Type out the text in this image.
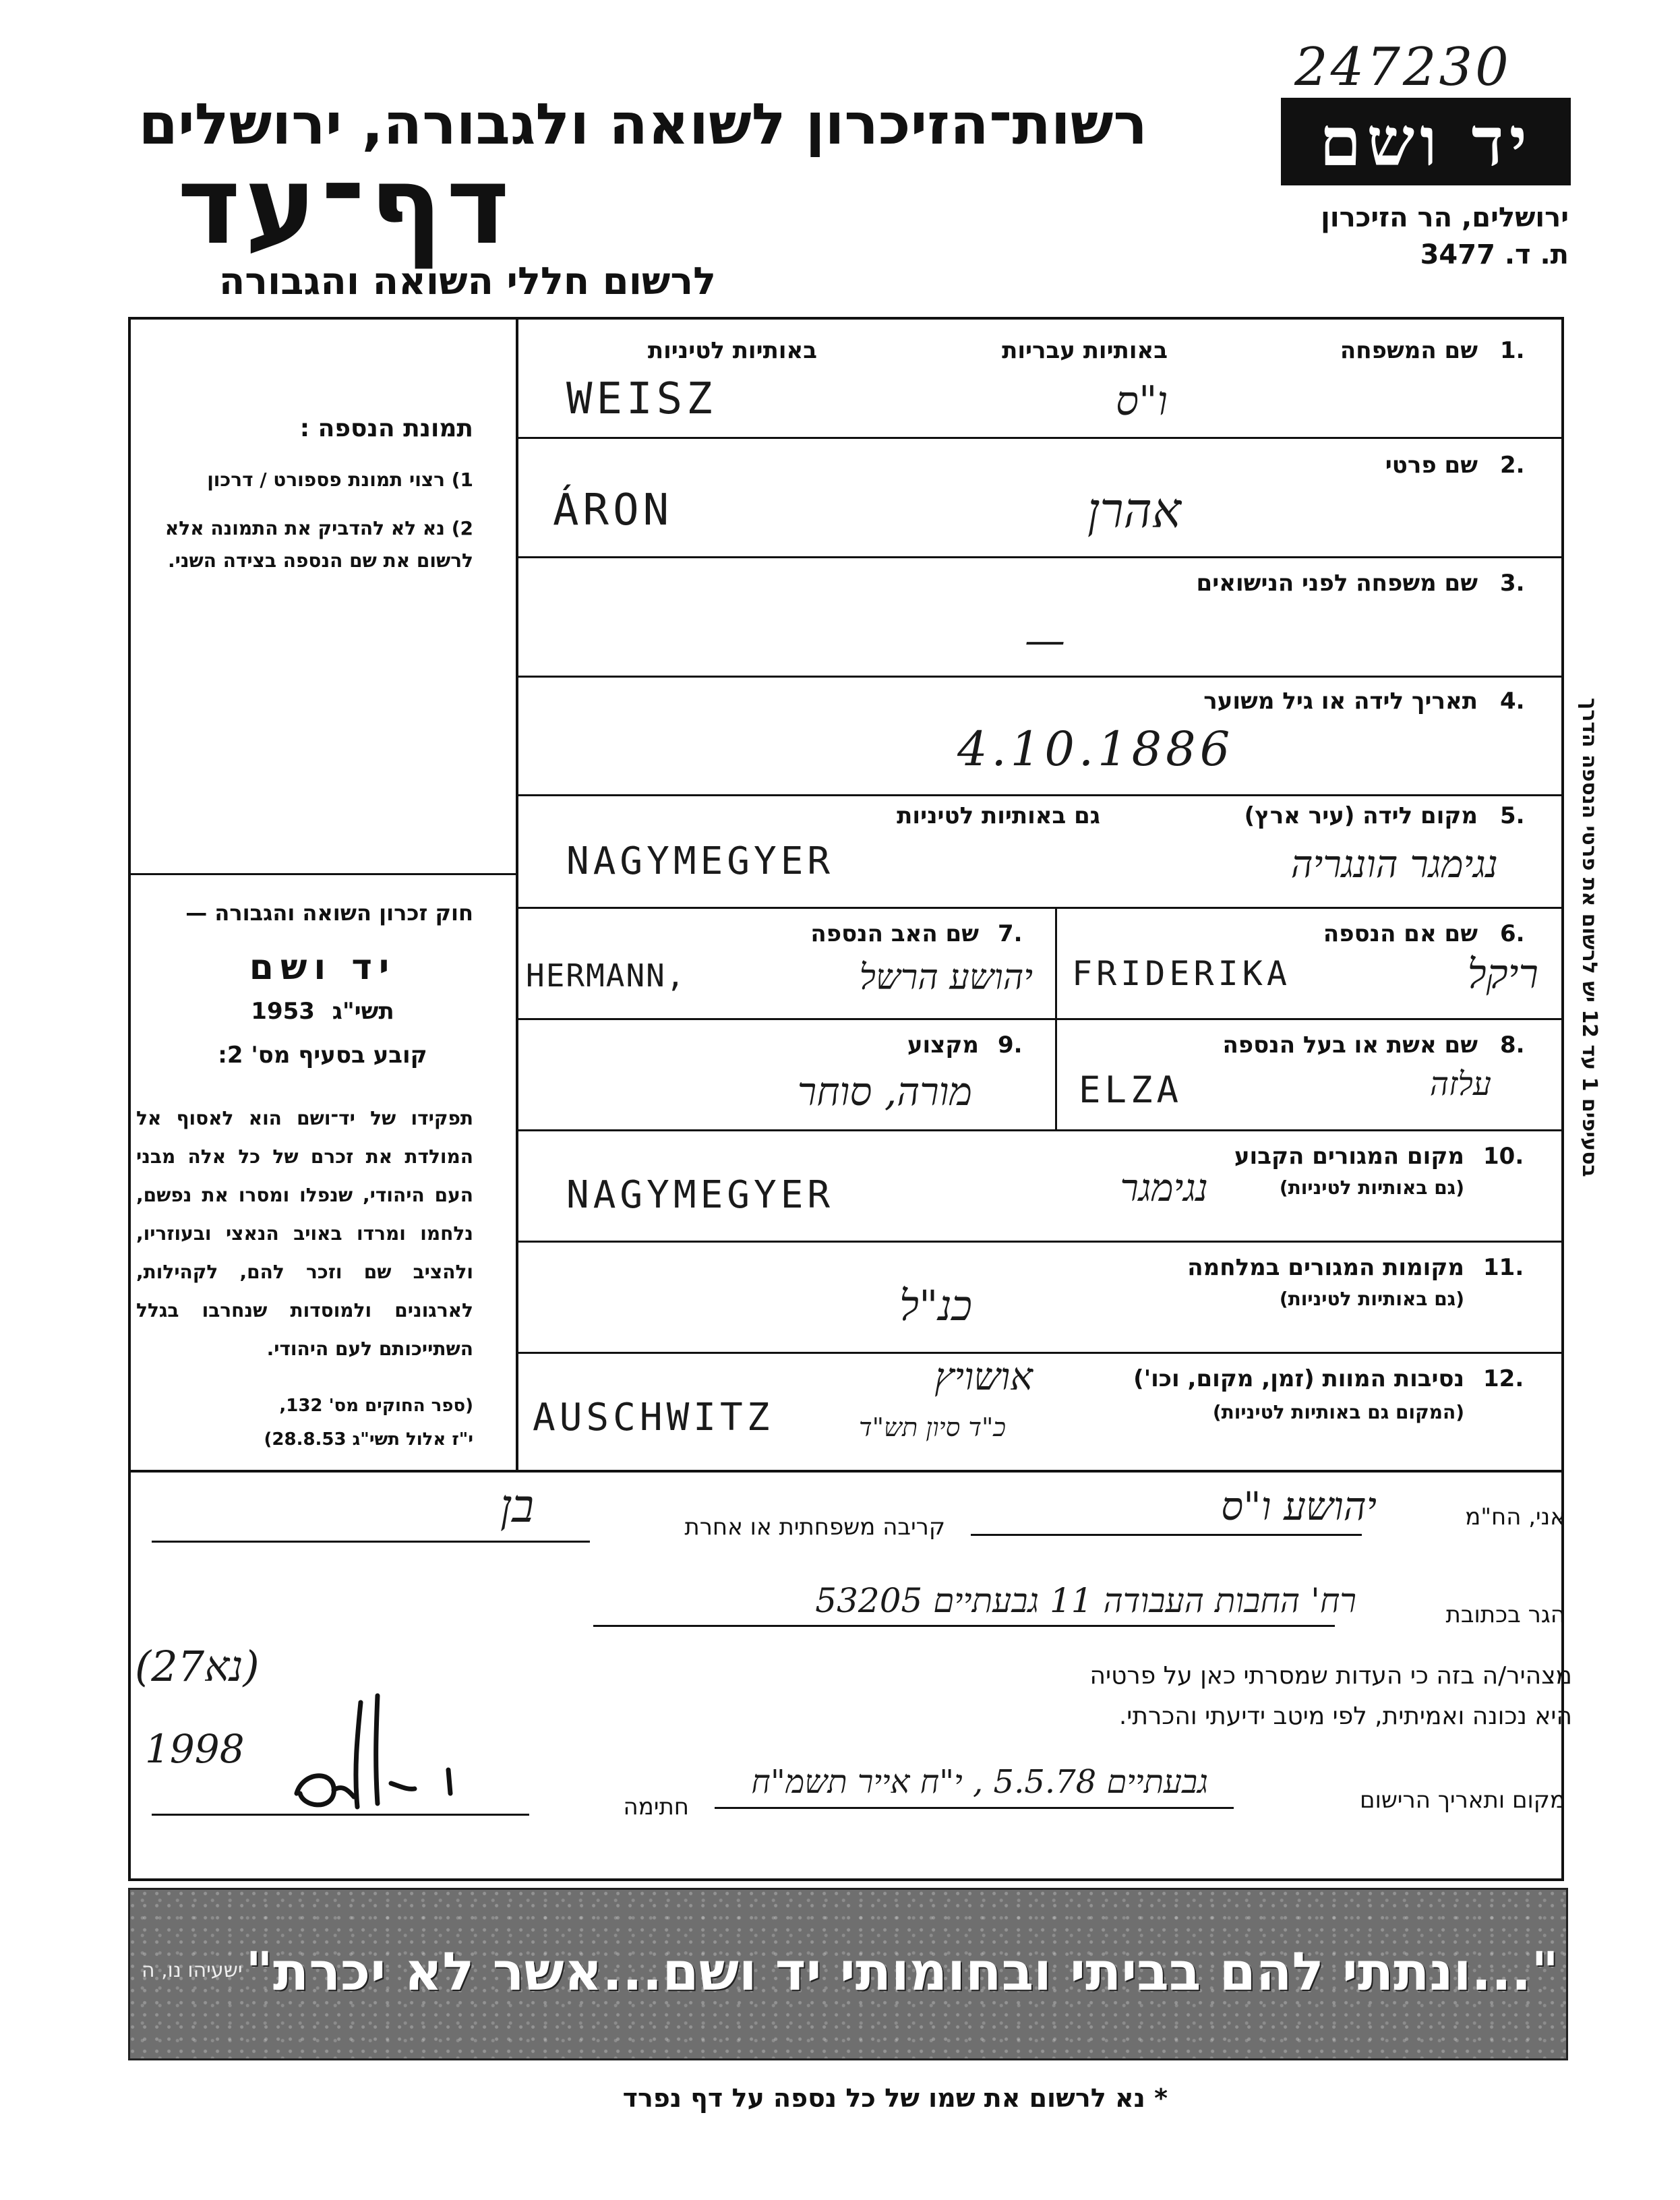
247230
רשות־הזיכרון לשואה ולגבורה, ירושלים
דף־עד
לרשום חללי השואה והגבורה
יד ושם
ירושלים, הר הזיכרון
ת. ד. 3477
תמונת הנספה :
1) רצוי תמונת פספורט / דרכון
2) נא לא להדביק את התמונה אלא לרשום את שם הנספה בצידה השני.
חוק זכרון השואה והגבורה —
יד ושם
תשי"ג 1953
קובע בסעיף מס' 2:
תפקידו של יד־ושם הוא לאסוף אל המולדת את זכרם של כל אלה מבני העם היהודי, שנפלו ומסרו את נפשם, נלחמו ומרדו באויב הנאצי ובעוזריו, ולהציב שם וזכר להם, לקהילות, לארגונים ולמוסדות שנחרבו בגלל השתייכותם לעם היהודי.
(ספר החוקים מס' 132,
י"ז אלול תשי"ג 28.8.53)
בסעיפים 1 עד 12 יש לרשום את פרטי הנספה הדרך
1.
שם המשפחה
באותיות עבריות
באותיות לטיניות
WEISZ	ו"ס
2.
שם פרטי
ÁRON	אהרן
3.
שם משפחה לפני הנישואים
—
4.
תאריך לידה או גיל משוער
4.10.1886
5.
מקום לידה (עיר ארץ)
גם באותיות לטיניות
NAGYMEGYER	נגימגר הונגריה
6.
שם אם הנספה
FRIDERIKA	ריקל
7.
שם האב הנספה
HERMANN,	יהושע הרשל
8.
שם אשת או בעל הנספה
ELZA	עלזה
9.
מקצוע
מורה, סוחר
10.
מקום המגורים הקבוע
(גם באותיות לטיניות)
NAGYMEGYER	נגימגר
11.
מקומות המגורים במלחמה
(גם באותיות לטיניות)
כנ"ל
12.
נסיבות המוות (זמן, מקום, וכו')
(המקום גם באותיות לטיניות)
AUSCHWITZ
אושויץ
כ"ד סיון תש"ד
אני, הח"מ
יהושע ו"ס
קריבה משפחתית או אחרת
בן
הגר בכתובת
רח' החבות העבודה 11 גבעתיים 53205
מצהיר/ה בזה כי העדות שמסרתי כאן על פרטיה
היא נכונה ואמיתית, לפי מיטב ידיעתי והכרתי.
מקום ותאריך הרישום
גבעתיים 5.5.78 , י"ח אייר תשמ"ח
חתימה
(27נא)
1998
"...ונתתי להם בביתי ובחומותי יד ושם...אשר לא יכרת"
ישעיהו נו, ה
* נא לרשום את שמו של כל נספה על דף נפרד
